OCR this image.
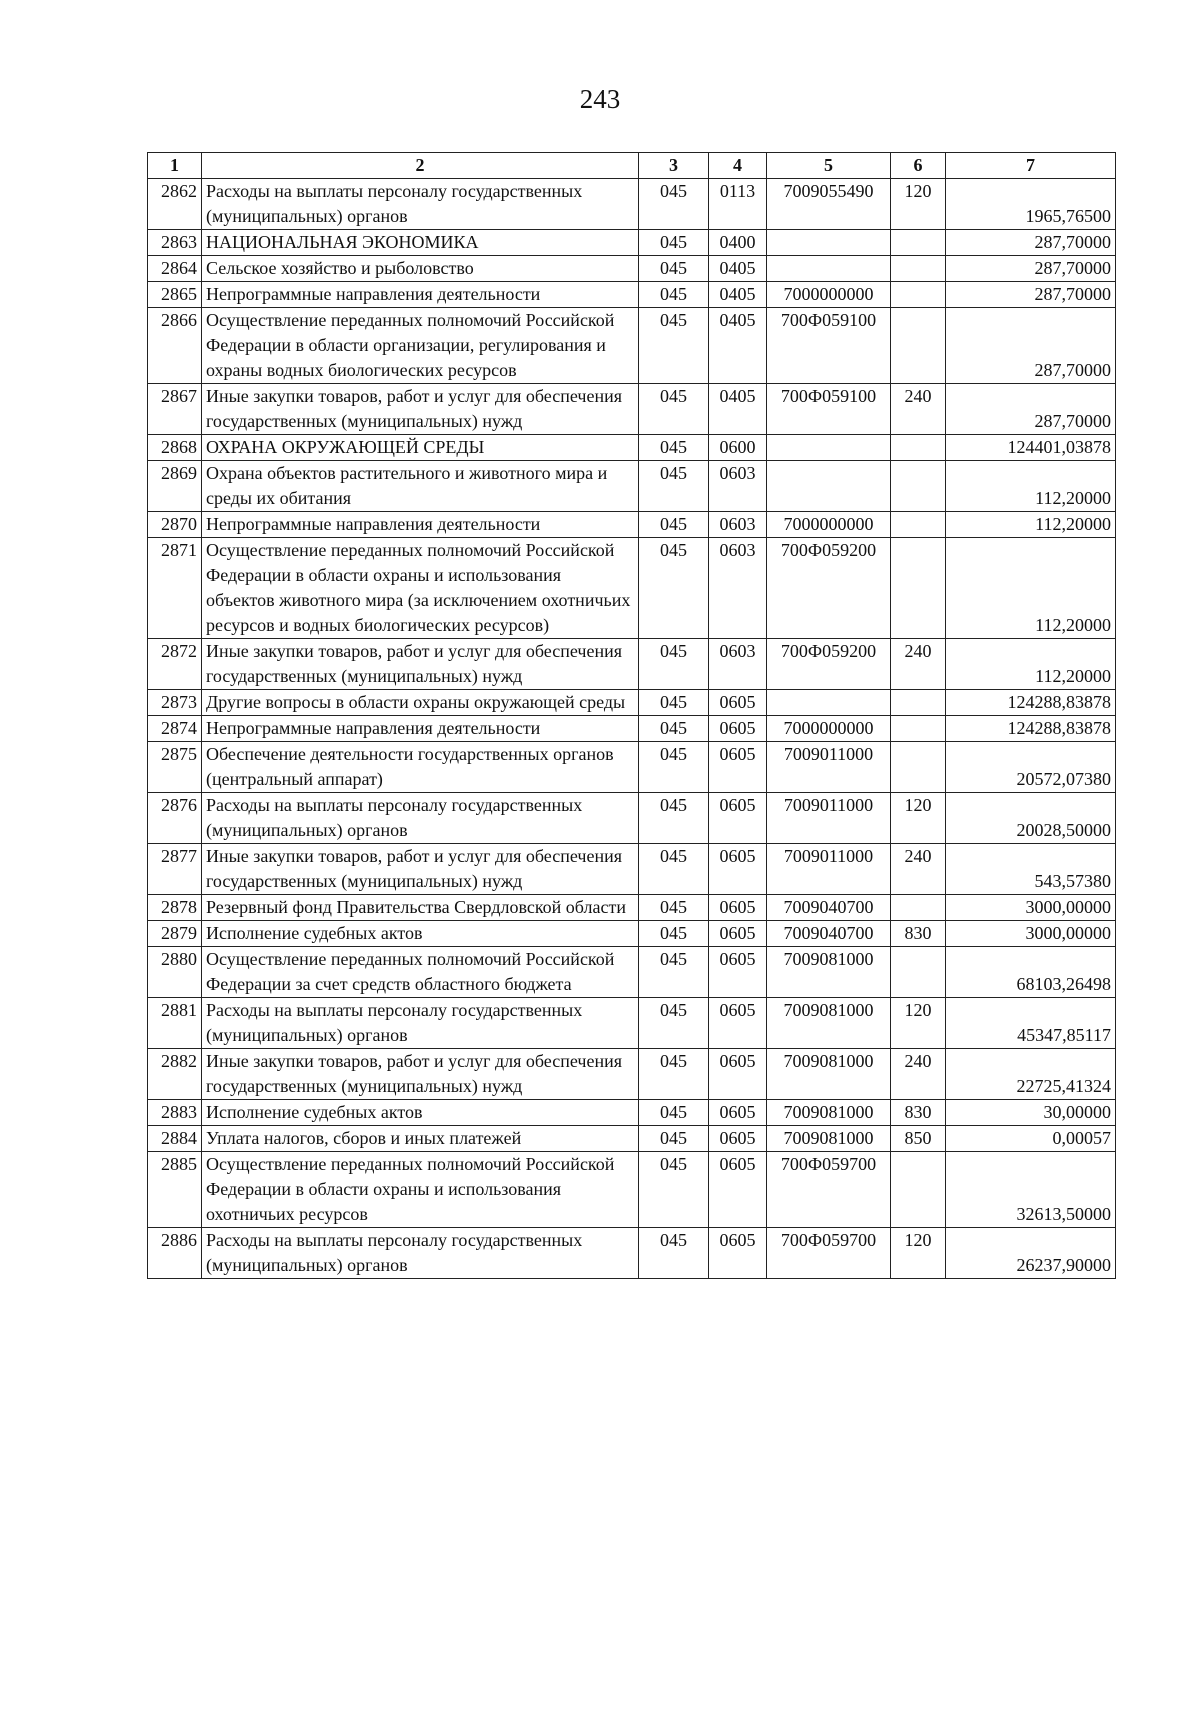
243
1	2	3	4	5	6	7
2862	Расходы на выплаты персоналу государственных (муниципальных) органов	045	0113	7009055490	120	1965,76500
2863	НАЦИОНАЛЬНАЯ ЭКОНОМИКА	045	0400			287,70000
2864	Сельское хозяйство и рыболовство	045	0405			287,70000
2865	Непрограммные направления деятельности	045	0405	7000000000		287,70000
2866	Осуществление переданных полномочий Российской Федерации в области организации, регулирования и охраны водных биологических ресурсов	045	0405	700Ф059100		287,70000
2867	Иные закупки товаров, работ и услуг для обеспечения государственных (муниципальных) нужд	045	0405	700Ф059100	240	287,70000
2868	ОХРАНА ОКРУЖАЮЩЕЙ СРЕДЫ	045	0600			124401,03878
2869	Охрана объектов растительного и животного мира и среды их обитания	045	0603			112,20000
2870	Непрограммные направления деятельности	045	0603	7000000000		112,20000
2871	Осуществление переданных полномочий Российской Федерации в области охраны и использования объектов животного мира (за исключением охотничьих ресурсов и водных биологических ресурсов)	045	0603	700Ф059200		112,20000
2872	Иные закупки товаров, работ и услуг для обеспечения государственных (муниципальных) нужд	045	0603	700Ф059200	240	112,20000
2873	Другие вопросы в области охраны окружающей среды	045	0605			124288,83878
2874	Непрограммные направления деятельности	045	0605	7000000000		124288,83878
2875	Обеспечение деятельности государственных органов (центральный аппарат)	045	0605	7009011000		20572,07380
2876	Расходы на выплаты персоналу государственных (муниципальных) органов	045	0605	7009011000	120	20028,50000
2877	Иные закупки товаров, работ и услуг для обеспечения государственных (муниципальных) нужд	045	0605	7009011000	240	543,57380
2878	Резервный фонд Правительства Свердловской области	045	0605	7009040700		3000,00000
2879	Исполнение судебных актов	045	0605	7009040700	830	3000,00000
2880	Осуществление переданных полномочий Российской Федерации за счет средств областного бюджета	045	0605	7009081000		68103,26498
2881	Расходы на выплаты персоналу государственных (муниципальных) органов	045	0605	7009081000	120	45347,85117
2882	Иные закупки товаров, работ и услуг для обеспечения государственных (муниципальных) нужд	045	0605	7009081000	240	22725,41324
2883	Исполнение судебных актов	045	0605	7009081000	830	30,00000
2884	Уплата налогов, сборов и иных платежей	045	0605	7009081000	850	0,00057
2885	Осуществление переданных полномочий Российской Федерации в области охраны и использования охотничьих ресурсов	045	0605	700Ф059700		32613,50000
2886	Расходы на выплаты персоналу государственных (муниципальных) органов	045	0605	700Ф059700	120	26237,90000
